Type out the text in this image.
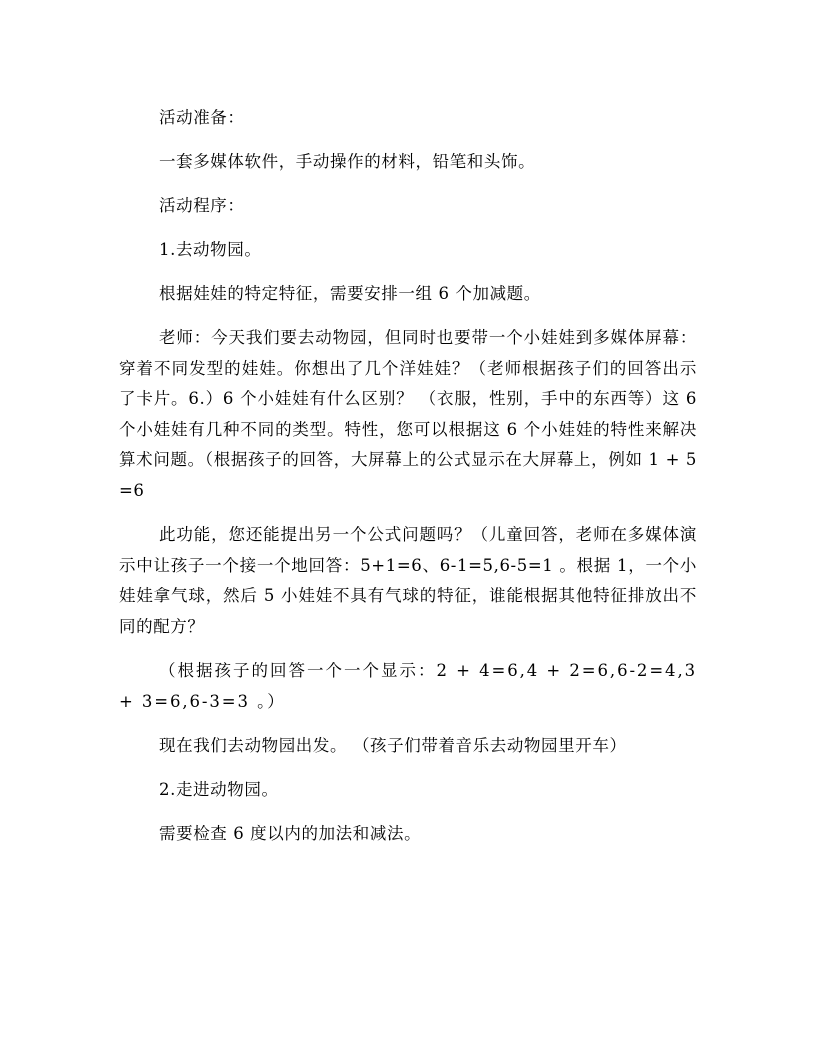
活动准备：

一套多媒体软件，手动操作的材料，铅笔和头饰。

活动程序：

1.去动物园。

根据娃娃的特定特征，需要安排一组 6 个加减题。

老师：今天我们要去动物园，但同时也要带一个小娃娃到多媒体屏幕：穿着不同发型的娃娃。你想出了几个洋娃娃？（老师根据孩子们的回答出示了卡片。6.）6 个小娃娃有什么区别？ （衣服，性别，手中的东西等）这 6 个小娃娃有几种不同的类型。特性，您可以根据这 6 个小娃娃的特性来解决算术问题。（根据孩子的回答，大屏幕上的公式显示在大屏幕上，例如 1 + 5=6

此功能，您还能提出另一个公式问题吗？（儿童回答，老师在多媒体演示中让孩子一个接一个地回答：5+1=6、6-1=5,6-5=1 。根据 1，一个小娃娃拿气球，然后 5 小娃娃不具有气球的特征，谁能根据其他特征排放出不同的配方？

（根据孩子的回答一个一个显示：2 + 4=6,4 + 2=6,6-2=4,3 + 3=6,6-3=3 。）

现在我们去动物园出发。 （孩子们带着音乐去动物园里开车）

2.走进动物园。

需要检查 6 度以内的加法和减法。
